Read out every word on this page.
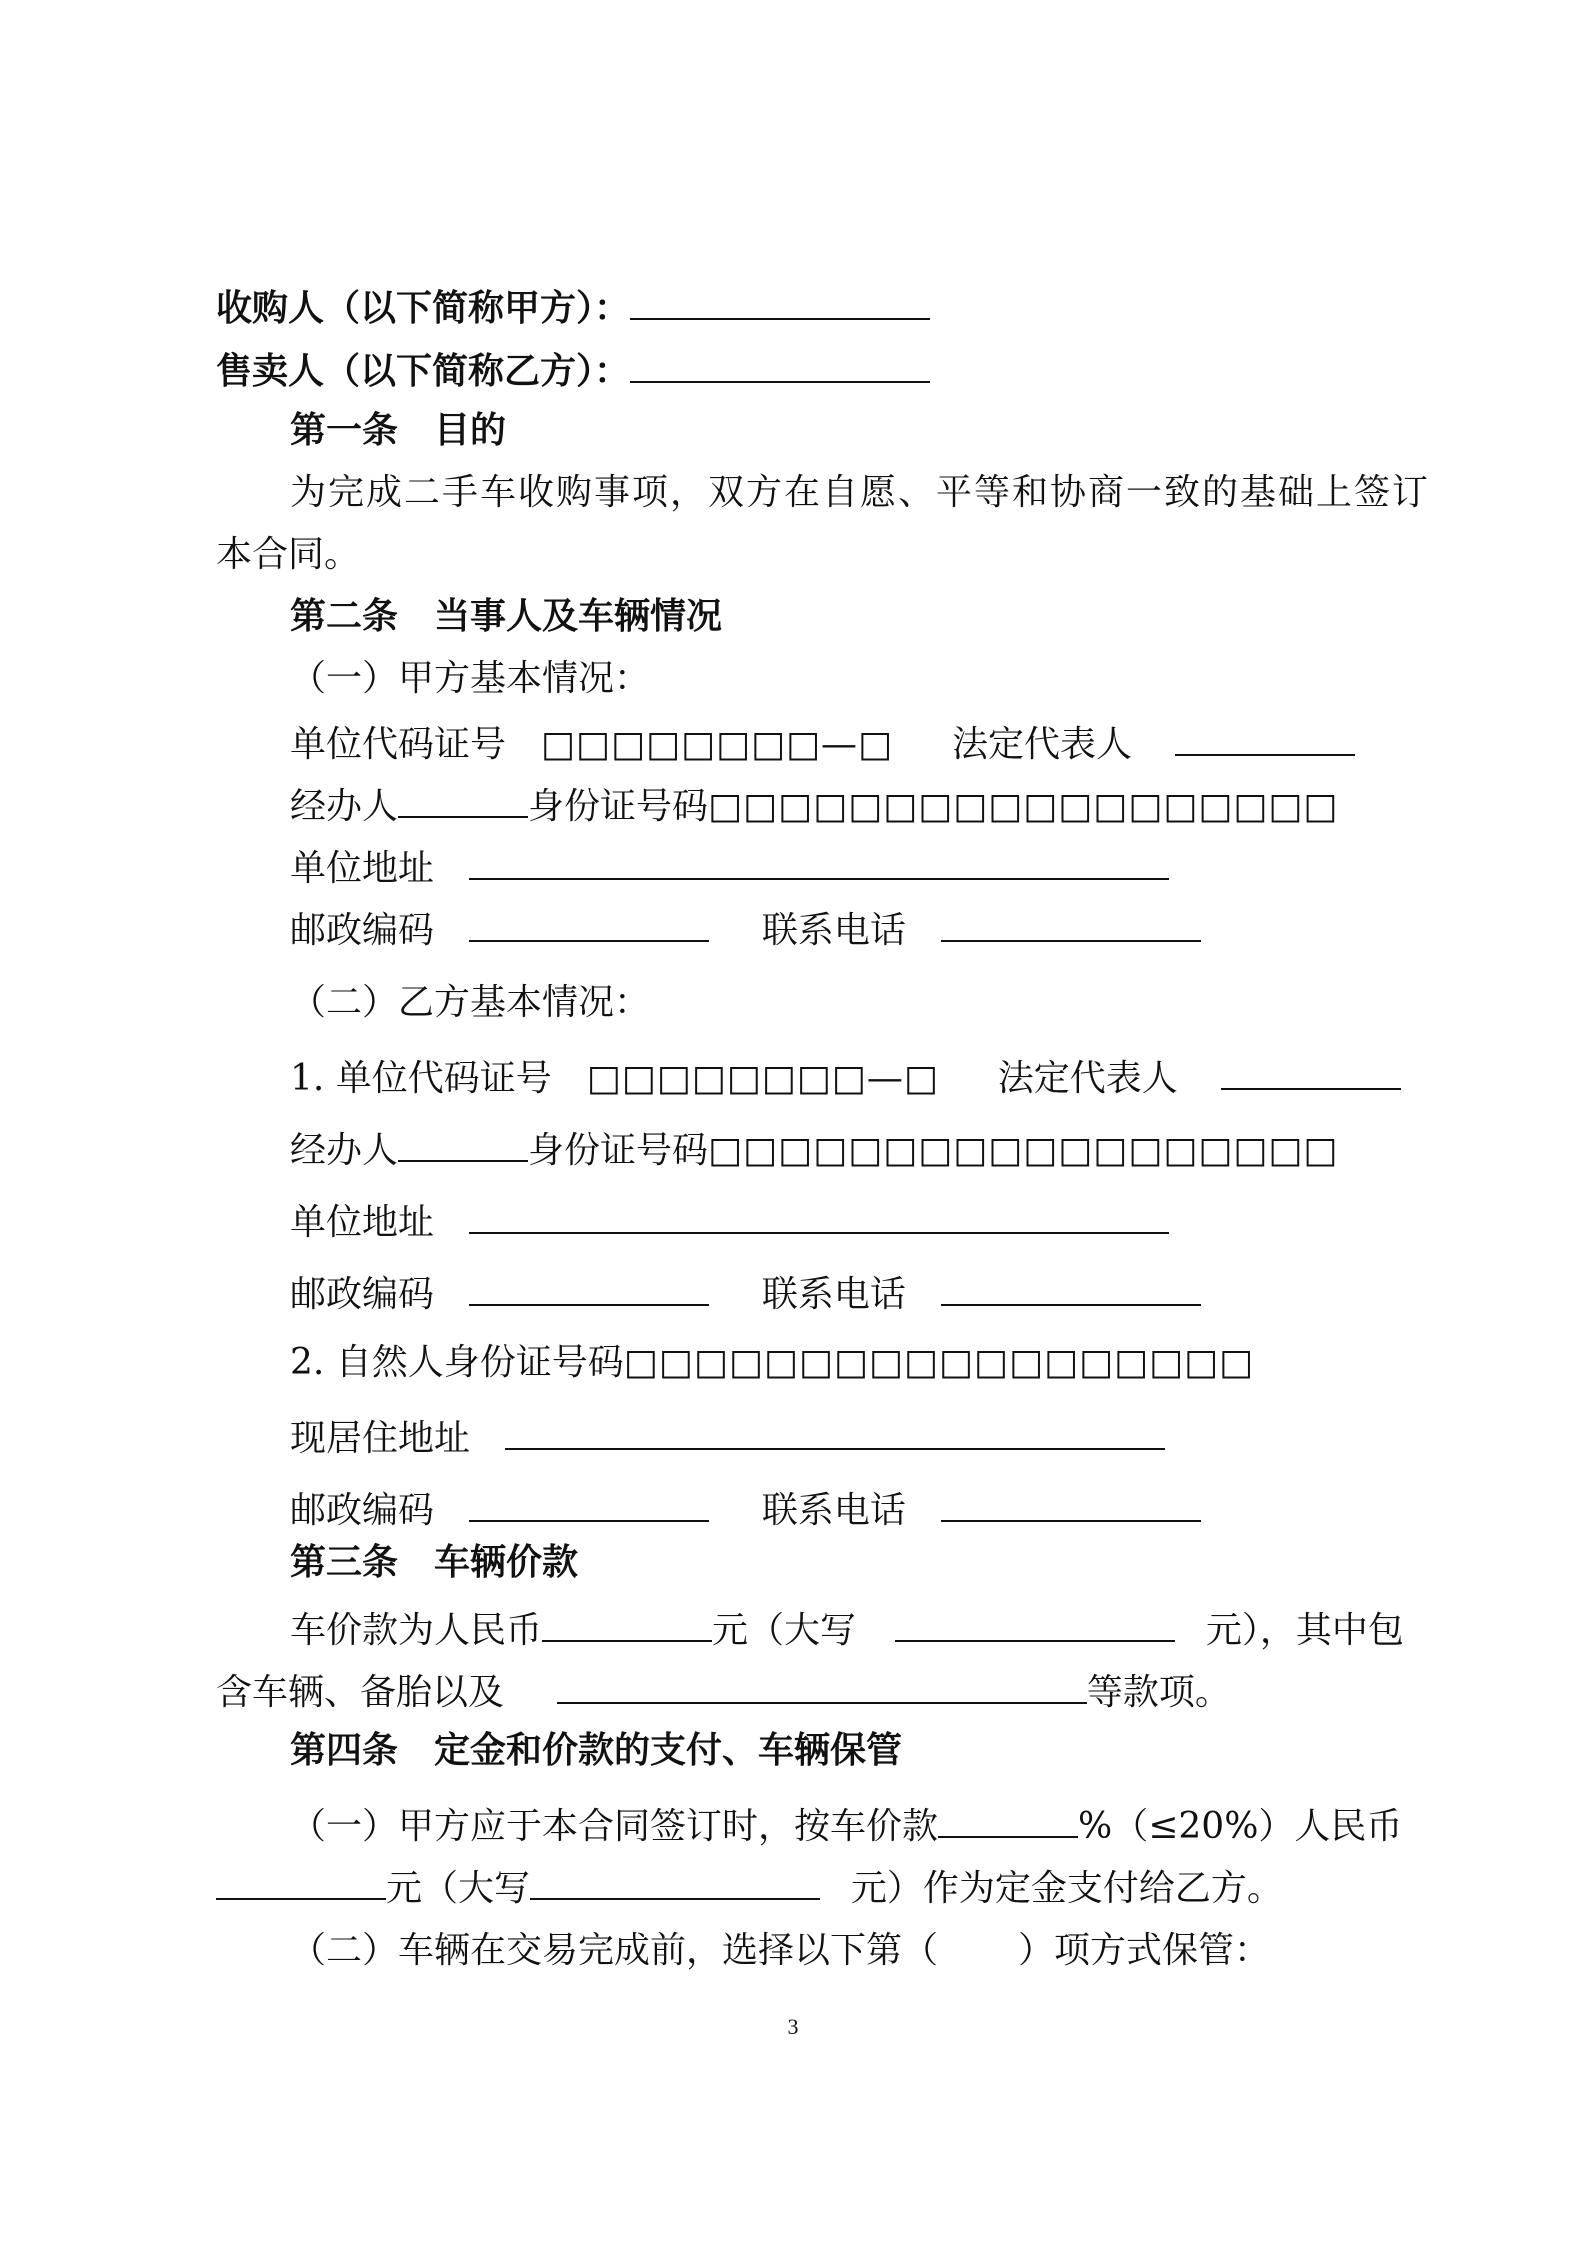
收购人（以下简称甲方）：
售卖人（以下简称乙方）：
第一条　目的
为完成二手车收购事项，双方在自愿、平等和协商一致的基础上签订
本合同。
第二条　当事人及车辆情况
（一）甲方基本情况：
单位代码证号 □□□□□□□□—□ 法定代表人
经办人	身份证号码□□□□□□□□□□□□□□□□□□
单位地址
邮政编码	联系电话
（二）乙方基本情况：
1. 单位代码证号 □□□□□□□□—□ 法定代表人
经办人	身份证号码□□□□□□□□□□□□□□□□□□
单位地址
邮政编码	联系电话
2. 自然人身份证号码□□□□□□□□□□□□□□□□□□
现居住地址
邮政编码	联系电话
第三条　车辆价款
车价款为人民币	元（大写	元），其中包
含车辆、备胎以及	等款项。
第四条　定金和价款的支付、车辆保管
（一）甲方应于本合同签订时，按车价款	%（≤20%）人民币
元（大写	元）作为定金支付给乙方。
（二）车辆在交易完成前，选择以下第（ ）项方式保管：
3
